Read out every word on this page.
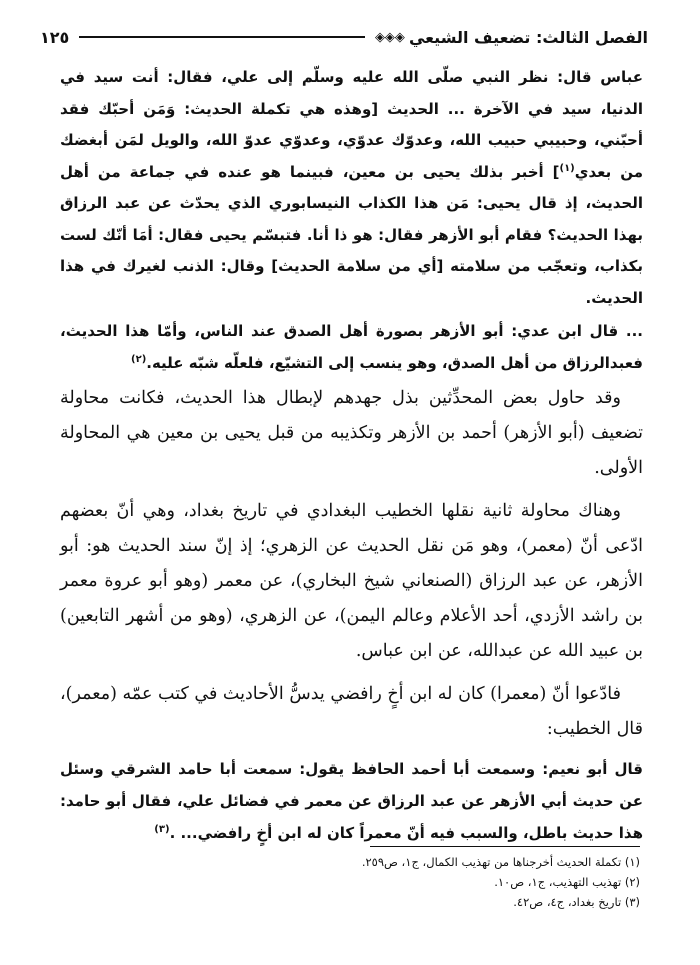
الفصل الثالث: تضعيف الشيعي
◈◈◈
١٢٥

عباس قال: نظر النبي صلّى الله عليه وسلّم إلى علي، فقال: أنت سيد في الدنيا، سيد في الآخرة ... الحديث [وهذه هي تكملة الحديث: وَمَن أحبّك فقد أحبّني، وحبيبي حبيب الله، وعدوّك عدوّي، وعدوّي عدوّ الله، والويل لمَن أبغضك من بعدي$^{(١)}$] أخبر بذلك يحيى بن معين، فبينما هو عنده في جماعة من أهل الحديث، إذ قال يحيى: مَن هذا الكذاب النيسابوري الذي يحدّث عن عبد الرزاق بهذا الحديث؟ فقام أبو الأزهر فقال: هو ذا أنا. فتبسّم يحيى فقال: أمَا أنّك لست بكذاب، وتعجّب من سلامته [أي من سلامة الحديث] وقال: الذنب لغيرك في هذا الحديث.

... قال ابن عدي: أبو الأزهر بصورة أهل الصدق عند الناس، وأمّا هذا الحديث، فعبدالرزاق من أهل الصدق، وهو ينسب إلى التشيّع، فلعلّه شبّه عليه.$^{(٢)}$

وقد حاول بعض المحدِّثين بذل جهدهم لإبطال هذا الحديث، فكانت محاولة تضعيف (أبو الأزهر) أحمد بن الأزهر وتكذيبه من قبل يحيى بن معين هي المحاولة الأولى.

وهناك محاولة ثانية نقلها الخطيب البغدادي في تاريخ بغداد، وهي أنّ بعضهم ادّعى أنّ (معمر)، وهو مَن نقل الحديث عن الزهري؛ إذ إنّ سند الحديث هو: أبو الأزهر، عن عبد الرزاق (الصنعاني شيخ البخاري)، عن معمر (وهو أبو عروة معمر بن راشد الأزدي، أحد الأعلام وعالم اليمن)، عن الزهري، (وهو من أشهر التابعين) بن عبيد الله عن عبدالله، عن ابن عباس.

فادّعوا أنّ (معمرا) كان له ابن أخٍ رافضي يدسُّ الأحاديث في كتب عمّه (معمر)، قال الخطيب:

قال أبو نعيم: وسمعت أبا أحمد الحافظ يقول: سمعت أبا حامد الشرقي وسئل عن حديث أبي الأزهر عن عبد الرزاق عن معمر في فضائل علي، فقال أبو حامد: هذا حديث باطل، والسبب فيه أنّ معمراً كان له ابن أخٍ رافضي... .$^{(٣)}$

(١) تكملة الحديث أخرجناها من تهذيب الكمال، ج١، ص٢٥٩.
(٢) تهذيب التهذيب، ج١، ص١٠.
(٣) تاريخ بغداد، ج٤، ص٤٢.
